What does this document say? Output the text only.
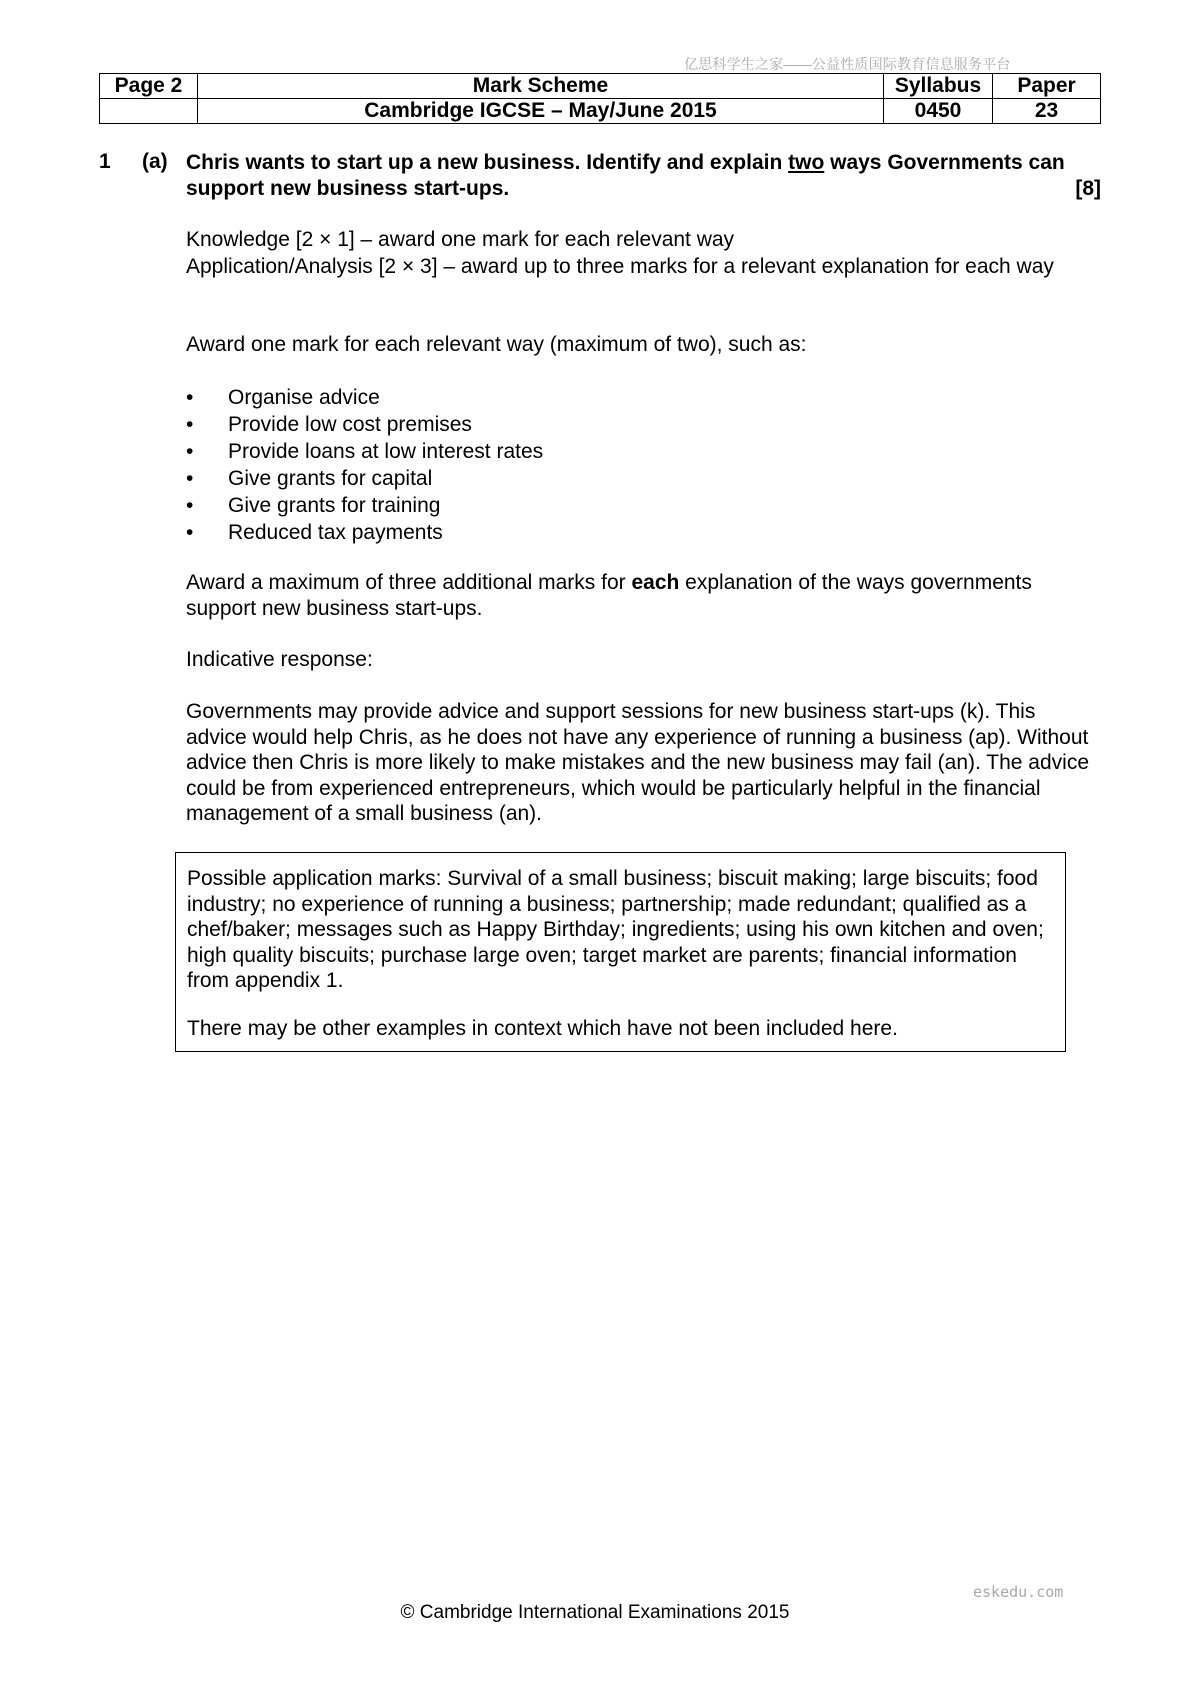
亿思科学生之家——公益性质国际教育信息服务平台
Page 2	Mark Scheme	Syllabus	Paper
	Cambridge IGCSE – May/June 2015	0450	23
1 (a) Chris wants to start up a new business. Identify and explain two ways Governments can support new business start-ups.	[8]
Knowledge [2 × 1] – award one mark for each relevant way
Application/Analysis [2 × 3] – award up to three marks for a relevant explanation for each way
Award one mark for each relevant way (maximum of two), such as:
• Organise advice
• Provide low cost premises
• Provide loans at low interest rates
• Give grants for capital
• Give grants for training
• Reduced tax payments
Award a maximum of three additional marks for each explanation of the ways governments support new business start-ups.
Indicative response:
Governments may provide advice and support sessions for new business start-ups (k). This advice would help Chris, as he does not have any experience of running a business (ap). Without advice then Chris is more likely to make mistakes and the new business may fail (an). The advice could be from experienced entrepreneurs, which would be particularly helpful in the financial management of a small business (an).
Possible application marks: Survival of a small business; biscuit making; large biscuits; food industry; no experience of running a business; partnership; made redundant; qualified as a chef/baker; messages such as Happy Birthday; ingredients; using his own kitchen and oven; high quality biscuits; purchase large oven; target market are parents; financial information from appendix 1.
There may be other examples in context which have not been included here.
eskedu.com
© Cambridge International Examinations 2015
